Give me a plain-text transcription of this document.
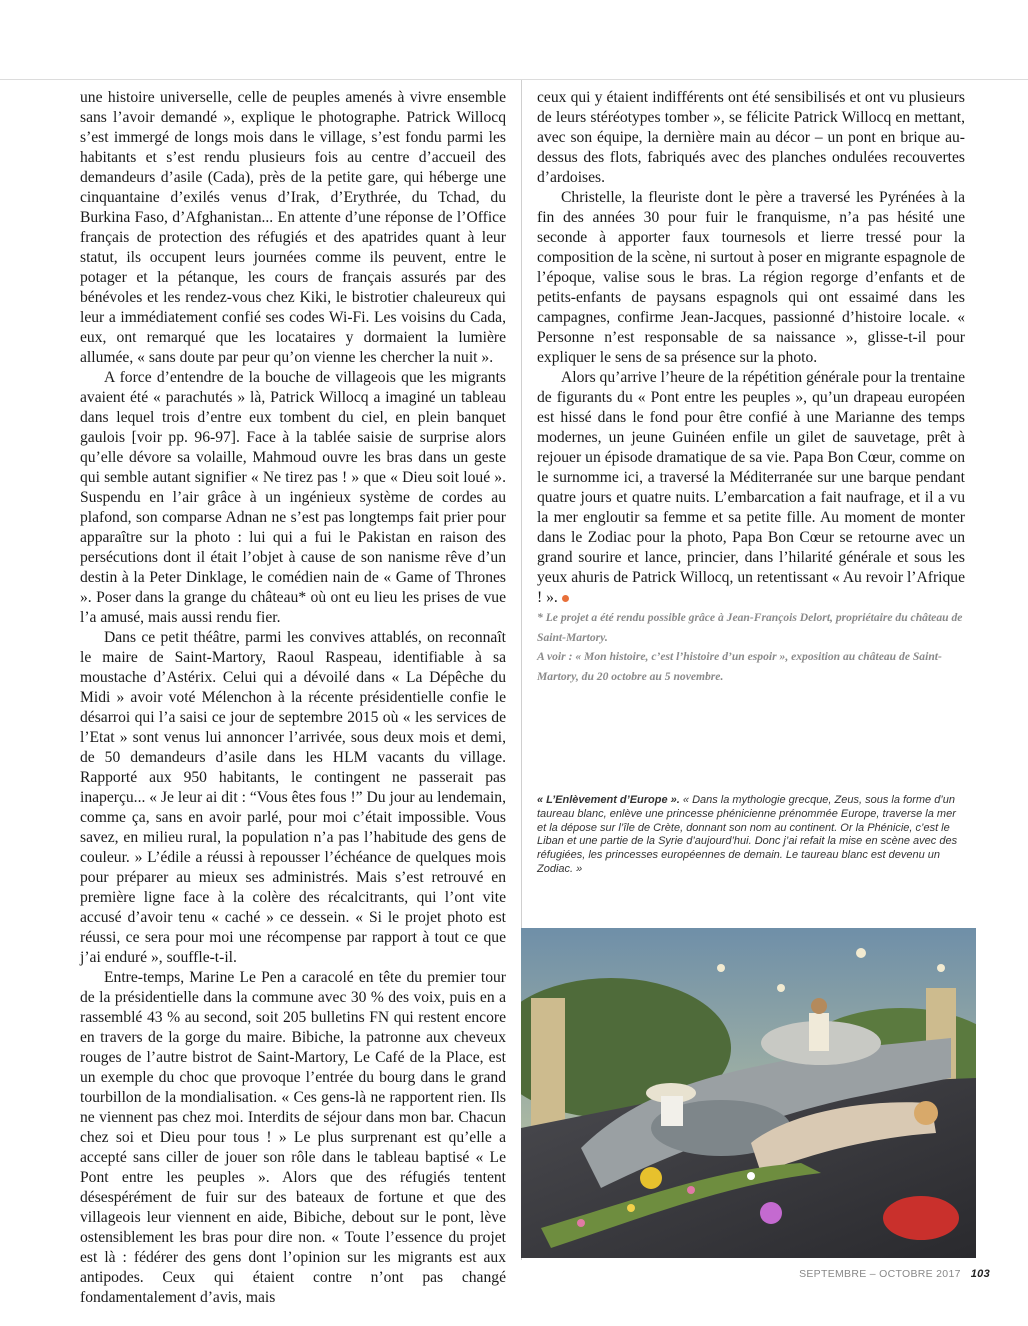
une histoire universelle, celle de peuples amenés à vivre ensemble sans l’avoir demandé », explique le photographe. Patrick Willocq s’est immergé de longs mois dans le village, s’est fondu parmi les habitants et s’est rendu plusieurs fois au centre d’accueil des demandeurs d’asile (Cada), près de la petite gare, qui héberge une cinquantaine d’exilés venus d’Irak, d’Erythrée, du Tchad, du Burkina Faso, d’Afghanistan... En attente d’une réponse de l’Office français de protection des réfugiés et des apatrides quant à leur statut, ils occupent leurs journées comme ils peuvent, entre le potager et la pétanque, les cours de français assurés par des bénévoles et les rendez-vous chez Kiki, le bistrotier chaleureux qui leur a immédiatement confié ses codes Wi-Fi. Les voisins du Cada, eux, ont remarqué que les locataires y dormaient la lumière allumée, « sans doute par peur qu’on vienne les chercher la nuit ».

A force d’entendre de la bouche de villageois que les migrants avaient été « parachutés » là, Patrick Willocq a imaginé un tableau dans lequel trois d’entre eux tombent du ciel, en plein banquet gaulois [voir pp. 96-97]. Face à la tablée saisie de surprise alors qu’elle dévore sa volaille, Mahmoud ouvre les bras dans un geste qui semble autant signifier « Ne tirez pas ! » que « Dieu soit loué ». Suspendu en l’air grâce à un ingénieux système de cordes au plafond, son comparse Adnan ne s’est pas longtemps fait prier pour apparaître sur la photo : lui qui a fui le Pakistan en raison des persécutions dont il était l’objet à cause de son nanisme rêve d’un destin à la Peter Dinklage, le comédien nain de « Game of Thrones ». Poser dans la grange du château* où ont eu lieu les prises de vue l’a amusé, mais aussi rendu fier.

Dans ce petit théâtre, parmi les convives attablés, on reconnaît le maire de Saint-Martory, Raoul Raspeau, identifiable à sa moustache d’Astérix. Celui qui a dévoilé dans « La Dépêche du Midi » avoir voté Mélenchon à la récente présidentielle confie le désarroi qui l’a saisi ce jour de septembre 2015 où « les services de l’Etat » sont venus lui annoncer l’arrivée, sous deux mois et demi, de 50 demandeurs d’asile dans les HLM vacants du village. Rapporté aux 950 habitants, le contingent ne passerait pas inaperçu... « Je leur ai dit : “Vous êtes fous !” Du jour au lendemain, comme ça, sans en avoir parlé, pour moi c’était impossible. Vous savez, en milieu rural, la population n’a pas l’habitude des gens de couleur. » L’édile a réussi à repousser l’échéance de quelques mois pour préparer au mieux ses administrés. Mais s’est retrouvé en première ligne face à la colère des récalcitrants, qui l’ont vite accusé d’avoir tenu « caché » ce dessein. « Si le projet photo est réussi, ce sera pour moi une récompense par rapport à tout ce que j’ai enduré », souffle-t-il.

Entre-temps, Marine Le Pen a caracolé en tête du premier tour de la présidentielle dans la commune avec 30 % des voix, puis en a rassemblé 43 % au second, soit 205 bulletins FN qui restent encore en travers de la gorge du maire. Bibiche, la patronne aux cheveux rouges de l’autre bistrot de Saint-Martory, Le Café de la Place, est un exemple du choc que provoque l’entrée du bourg dans le grand tourbillon de la mondialisation. « Ces gens-là ne rapportent rien. Ils ne viennent pas chez moi. Interdits de séjour dans mon bar. Chacun chez soi et Dieu pour tous ! » Le plus surprenant est qu’elle a accepté sans ciller de jouer son rôle dans le tableau baptisé « Le Pont entre les peuples ». Alors que des réfugiés tentent désespérément de fuir sur des bateaux de fortune et que des villageois leur viennent en aide, Bibiche, debout sur le pont, lève ostensiblement les bras pour dire non. « Toute l’essence du projet est là : fédérer des gens dont l’opinion sur les migrants est aux antipodes. Ceux qui étaient contre n’ont pas changé fondamentalement d’avis, mais

ceux qui y étaient indifférents ont été sensibilisés et ont vu plusieurs de leurs stéréotypes tomber », se félicite Patrick Willocq en mettant, avec son équipe, la dernière main au décor – un pont en brique au-dessus des flots, fabriqués avec des planches ondulées recouvertes d’ardoises.

Christelle, la fleuriste dont le père a traversé les Pyrénées à la fin des années 30 pour fuir le franquisme, n’a pas hésité une seconde à apporter faux tournesols et lierre tressé pour la composition de la scène, ni surtout à poser en migrante espagnole de l’époque, valise sous le bras. La région regorge d’enfants et de petits-enfants de paysans espagnols qui ont essaimé dans les campagnes, confirme Jean-Jacques, passionné d’histoire locale. « Personne n’est responsable de sa naissance », glisse-t-il pour expliquer le sens de sa présence sur la photo.

Alors qu’arrive l’heure de la répétition générale pour la trentaine de figurants du « Pont entre les peuples », qu’un drapeau européen est hissé dans le fond pour être confié à une Marianne des temps modernes, un jeune Guinéen enfile un gilet de sauvetage, prêt à rejouer un épisode dramatique de sa vie. Papa Bon Cœur, comme on le surnomme ici, a traversé la Méditerranée sur une barque pendant quatre jours et quatre nuits. L’embarcation a fait naufrage, et il a vu la mer engloutir sa femme et sa petite fille. Au moment de monter dans le Zodiac pour la photo, Papa Bon Cœur se retourne avec un grand sourire et lance, princier, dans l’hilarité générale et sous les yeux ahuris de Patrick Willocq, un retentissant « Au revoir l’Afrique ! ».

* Le projet a été rendu possible grâce à Jean-François Delort, propriétaire du château de Saint-Martory.

A voir : « Mon histoire, c’est l’histoire d’un espoir », exposition au château de Saint-Martory, du 20 octobre au 5 novembre.

« L’Enlèvement d’Europe ». « Dans la mythologie grecque, Zeus, sous la forme d’un taureau blanc, enlève une princesse phénicienne prénommée Europe, traverse la mer et la dépose sur l’île de Crète, donnant son nom au continent. Or la Phénicie, c’est le Liban et une partie de la Syrie d’aujourd’hui. Donc j’ai refait la mise en scène avec des réfugiées, les princesses européennes de demain. Le taureau blanc est devenu un Zodiac. »
SEPTEMBRE – OCTOBRE 2017 103
